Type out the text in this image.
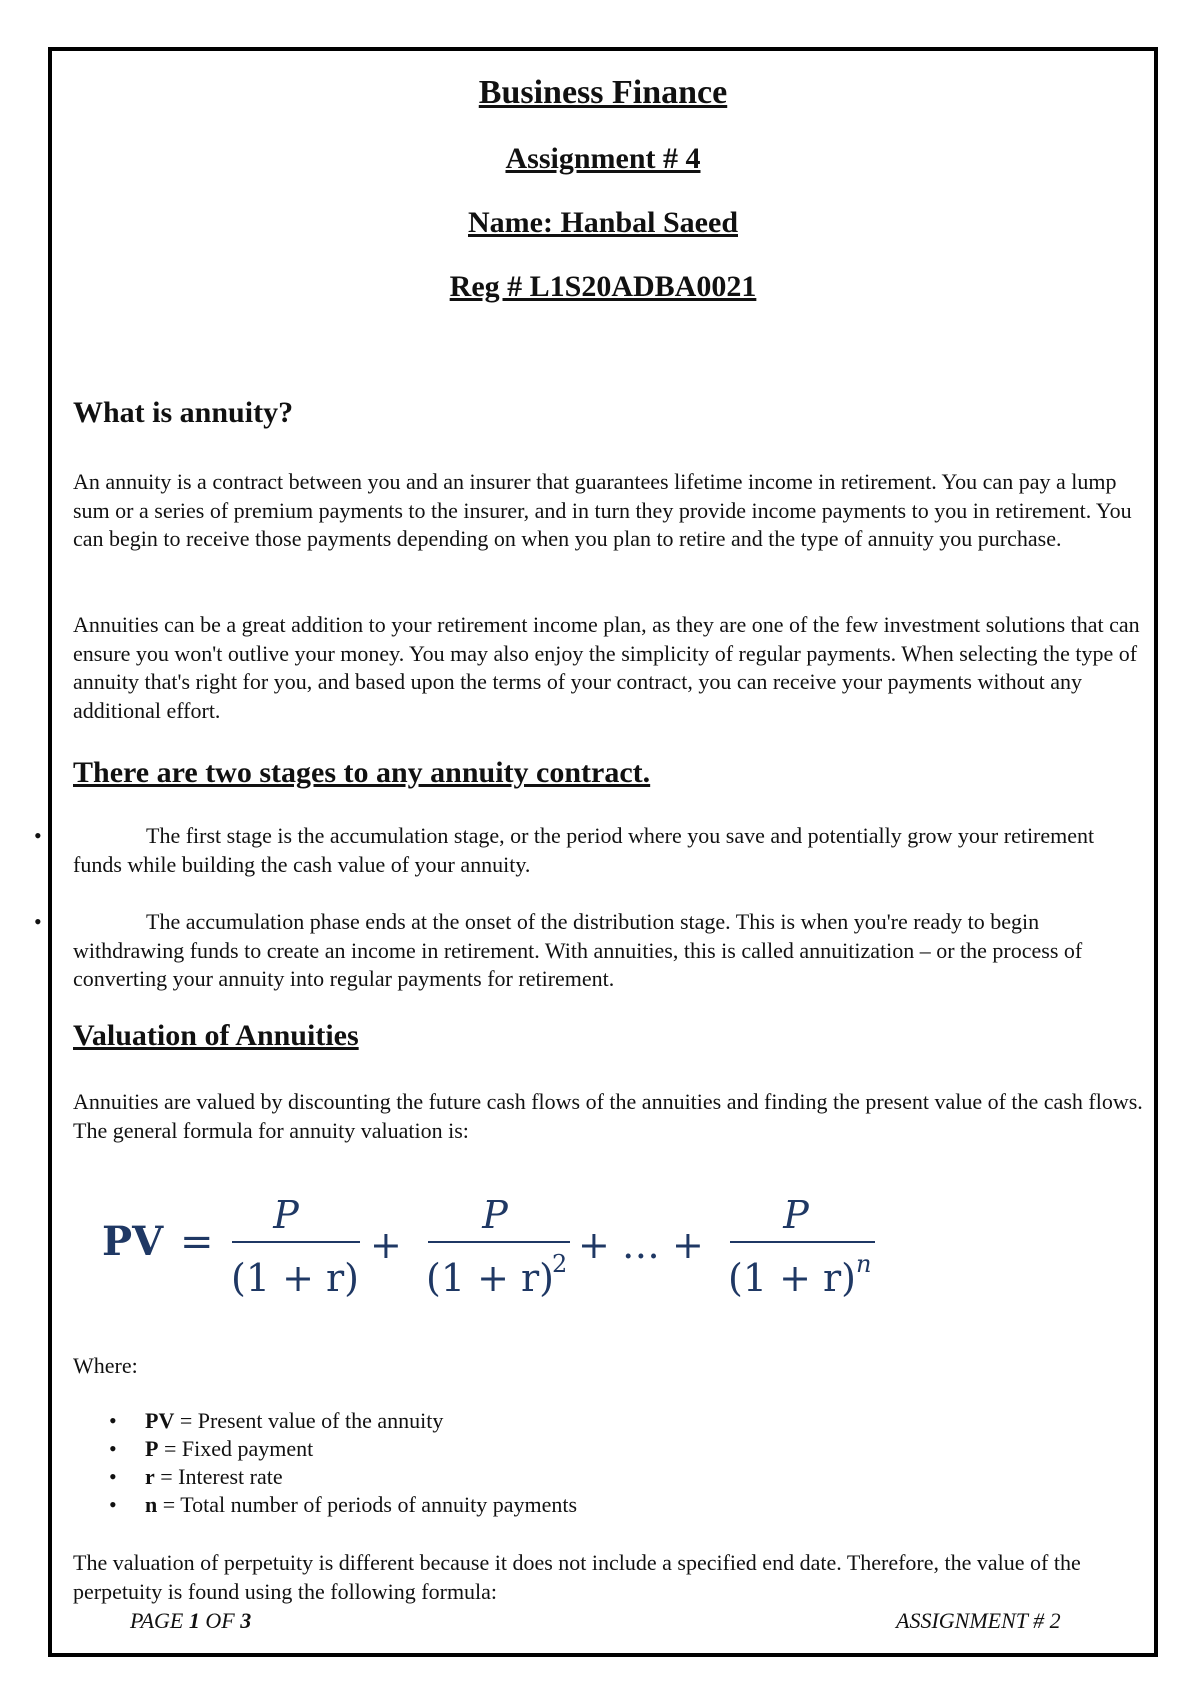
Business Finance

Assignment # 4

Name: Hanbal Saeed

Reg # L1S20ADBA0021

What is annuity?

An annuity is a contract between you and an insurer that guarantees lifetime income in retirement. You can pay a lump sum or a series of premium payments to the insurer, and in turn they provide income payments to you in retirement. You can begin to receive those payments depending on when you plan to retire and the type of annuity you purchase.

Annuities can be a great addition to your retirement income plan, as they are one of the few investment solutions that can ensure you won't outlive your money. You may also enjoy the simplicity of regular payments. When selecting the type of annuity that's right for you, and based upon the terms of your contract, you can receive your payments without any additional effort.

There are two stages to any annuity contract.
•	The first stage is the accumulation stage, or the period where you save and potentially grow your retirement funds while building the cash value of your annuity.

•	The accumulation phase ends at the onset of the distribution stage. This is when you're ready to begin withdrawing funds to create an income in retirement. With annuities, this is called annuitization – or the process of converting your annuity into regular payments for retirement.

Valuation of Annuities

Annuities are valued by discounting the future cash flows of the annuities and finding the present value of the cash flows. The general formula for annuity valuation is:

PV =
P
(1 + r)
+
P
(1 + r)
2 + … +
P
(1 + r) n

Where:

• PV = Present value of the annuity
• P = Fixed payment
• r = Interest rate
• n = Total number of periods of annuity payments

The valuation of perpetuity is different because it does not include a specified end date. Therefore, the value of the perpetuity is found using the following formula:

PAGE 1 OF 3	ASSIGNMENT # 2
